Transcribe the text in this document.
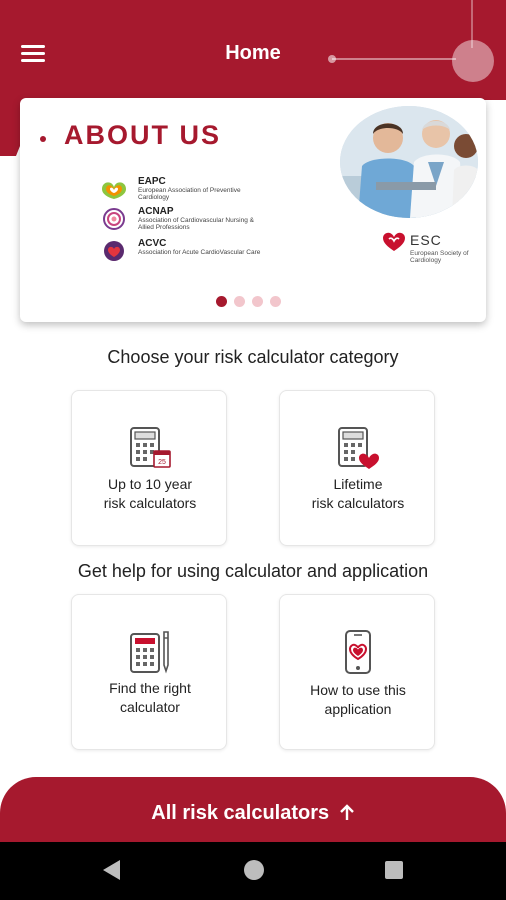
Home
ABOUT US
EAPC
European Association of Preventive Cardiology
ACNAP
Association of Cardiovascular Nursing & Allied Professions
ACVC
Association for Acute CardioVascular Care
ESC
European Society of Cardiology
Choose your risk calculator category
25
Up to 10 year
risk calculators
Lifetime
risk calculators
Get help for using calculator and application
Find the right
calculator
How to use this
application
All risk calculators
